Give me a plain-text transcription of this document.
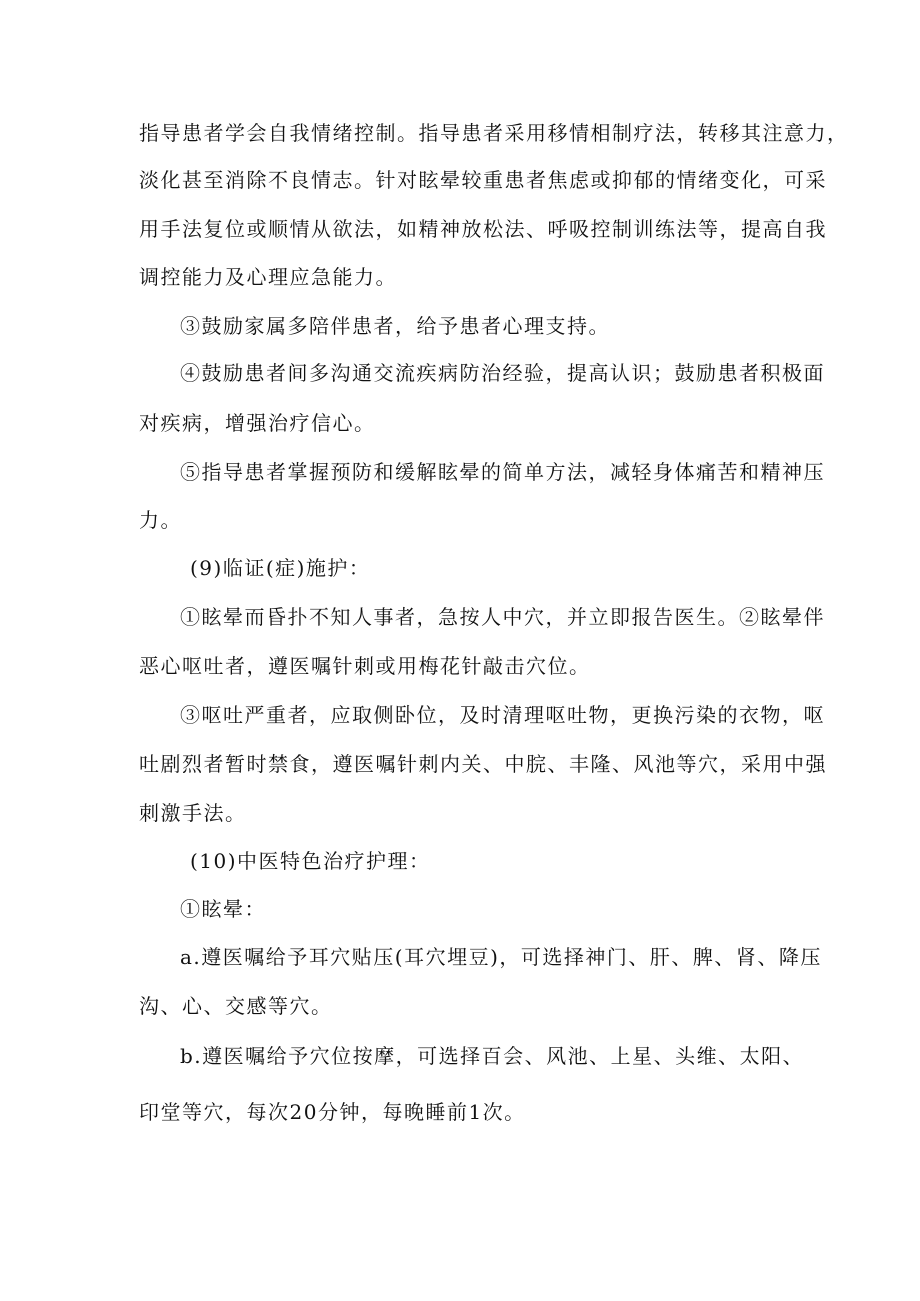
指导患者学会自我情绪控制。指导患者采用移情相制疗法，转移其注意力，
淡化甚至消除不良情志。针对眩晕较重患者焦虑或抑郁的情绪变化，可采
用手法复位或顺情从欲法，如精神放松法、呼吸控制训练法等，提高自我
调控能力及心理应急能力。
③鼓励家属多陪伴患者，给予患者心理支持。
④鼓励患者间多沟通交流疾病防治经验，提高认识；鼓励患者积极面
对疾病，增强治疗信心。
⑤指导患者掌握预防和缓解眩晕的简单方法，减轻身体痛苦和精神压
力。
(9)临证(症)施护：
①眩晕而昏扑不知人事者，急按人中穴，并立即报告医生。②眩晕伴
恶心呕吐者，遵医嘱针刺或用梅花针敲击穴位。
③呕吐严重者，应取侧卧位，及时清理呕吐物，更换污染的衣物，呕
吐剧烈者暂时禁食，遵医嘱针刺内关、中脘、丰隆、风池等穴，采用中强
刺激手法。
(10)中医特色治疗护理：
①眩晕：
a.遵医嘱给予耳穴贴压(耳穴埋豆)，可选择神门、肝、脾、肾、降压
沟、心、交感等穴。
b.遵医嘱给予穴位按摩，可选择百会、风池、上星、头维、太阳、
印堂等穴，每次20分钟，每晚睡前1次。
